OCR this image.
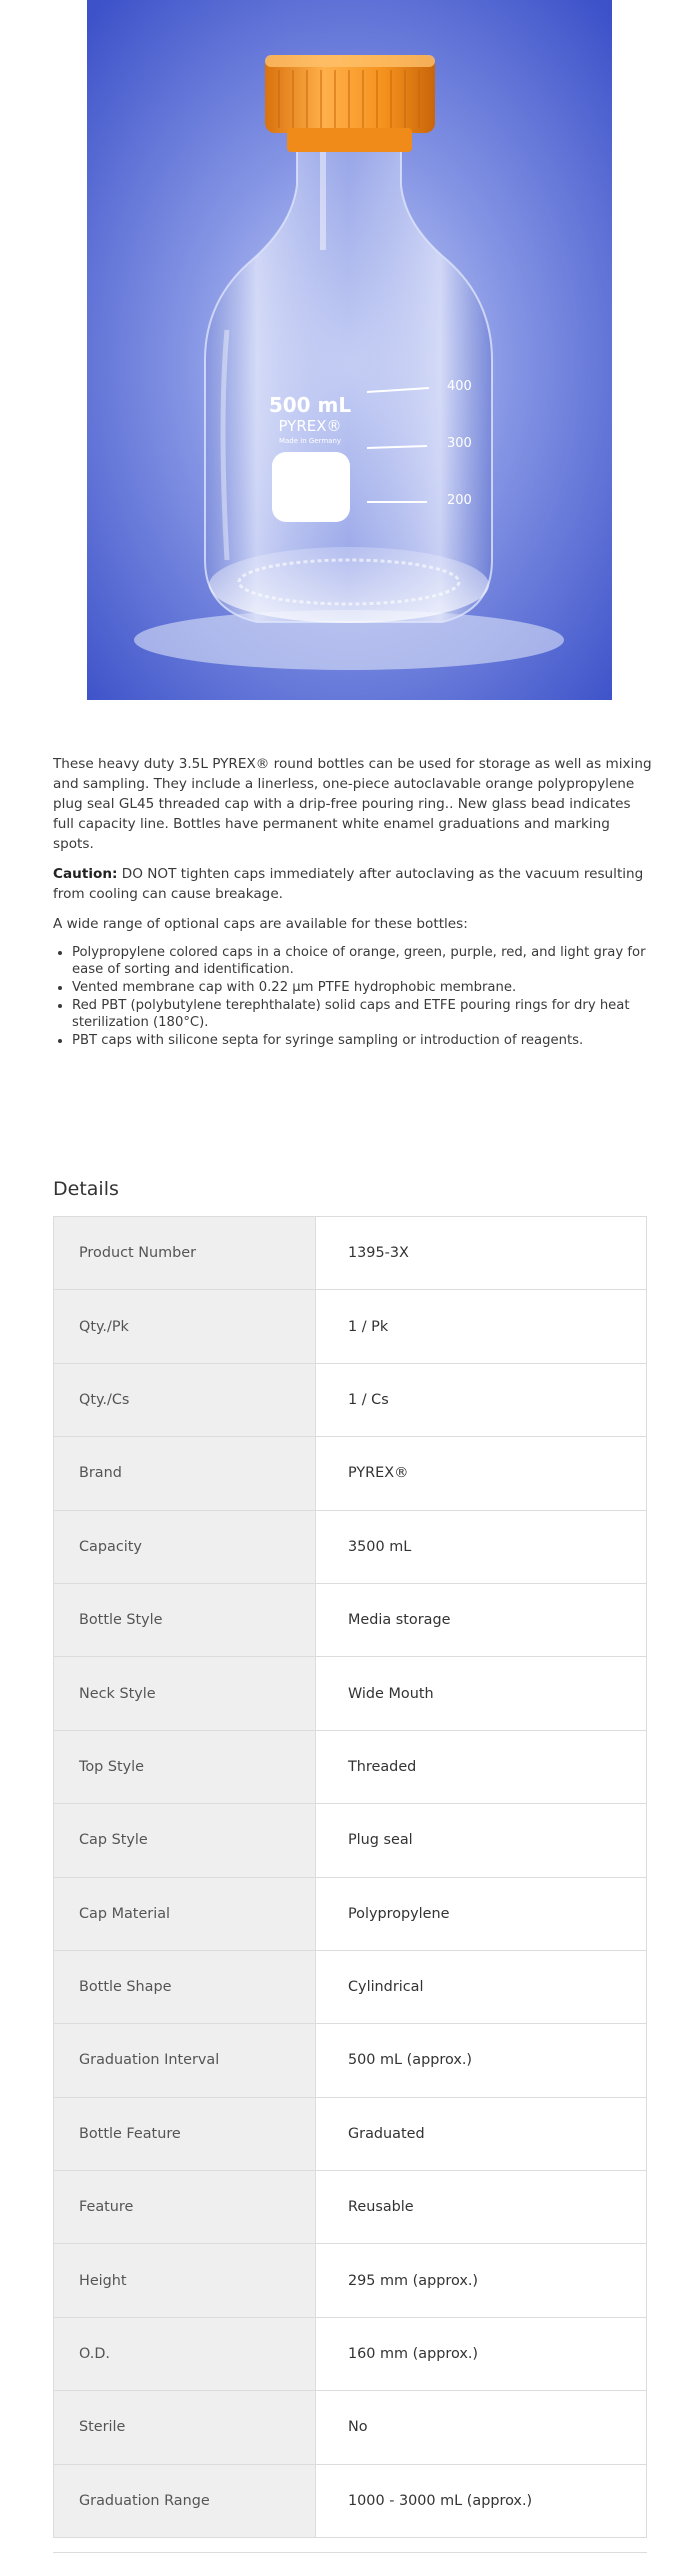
500 mL
PYREX®
Made in Germany
400
300
200

These heavy duty 3.5L PYREX® round bottles can be used for storage as well as mixing and sampling. They include a linerless, one-piece autoclavable orange polypropylene plug seal GL45 threaded cap with a drip-free pouring ring.. New glass bead indicates full capacity line. Bottles have permanent white enamel graduations and marking spots.

Caution: DO NOT tighten caps immediately after autoclaving as the vacuum resulting from cooling can cause breakage.

A wide range of optional caps are available for these bottles:

• Polypropylene colored caps in a choice of orange, green, purple, red, and light gray for ease of sorting and identification.
• Vented membrane cap with 0.22 µm PTFE hydrophobic membrane.
• Red PBT (polybutylene terephthalate) solid caps and ETFE pouring rings for dry heat sterilization (180°C).
• PBT caps with silicone septa for syringe sampling or introduction of reagents.
Details
Product Number	1395-3X
Qty./Pk	1 / Pk
Qty./Cs	1 / Cs
Brand	PYREX®
Capacity	3500 mL
Bottle Style	Media storage
Neck Style	Wide Mouth
Top Style	Threaded
Cap Style	Plug seal
Cap Material	Polypropylene
Bottle Shape	Cylindrical
Graduation Interval	500 mL (approx.)
Bottle Feature	Graduated
Feature	Reusable
Height	295 mm (approx.)
O.D.	160 mm (approx.)
Sterile	No
Graduation Range	1000 - 3000 mL (approx.)
